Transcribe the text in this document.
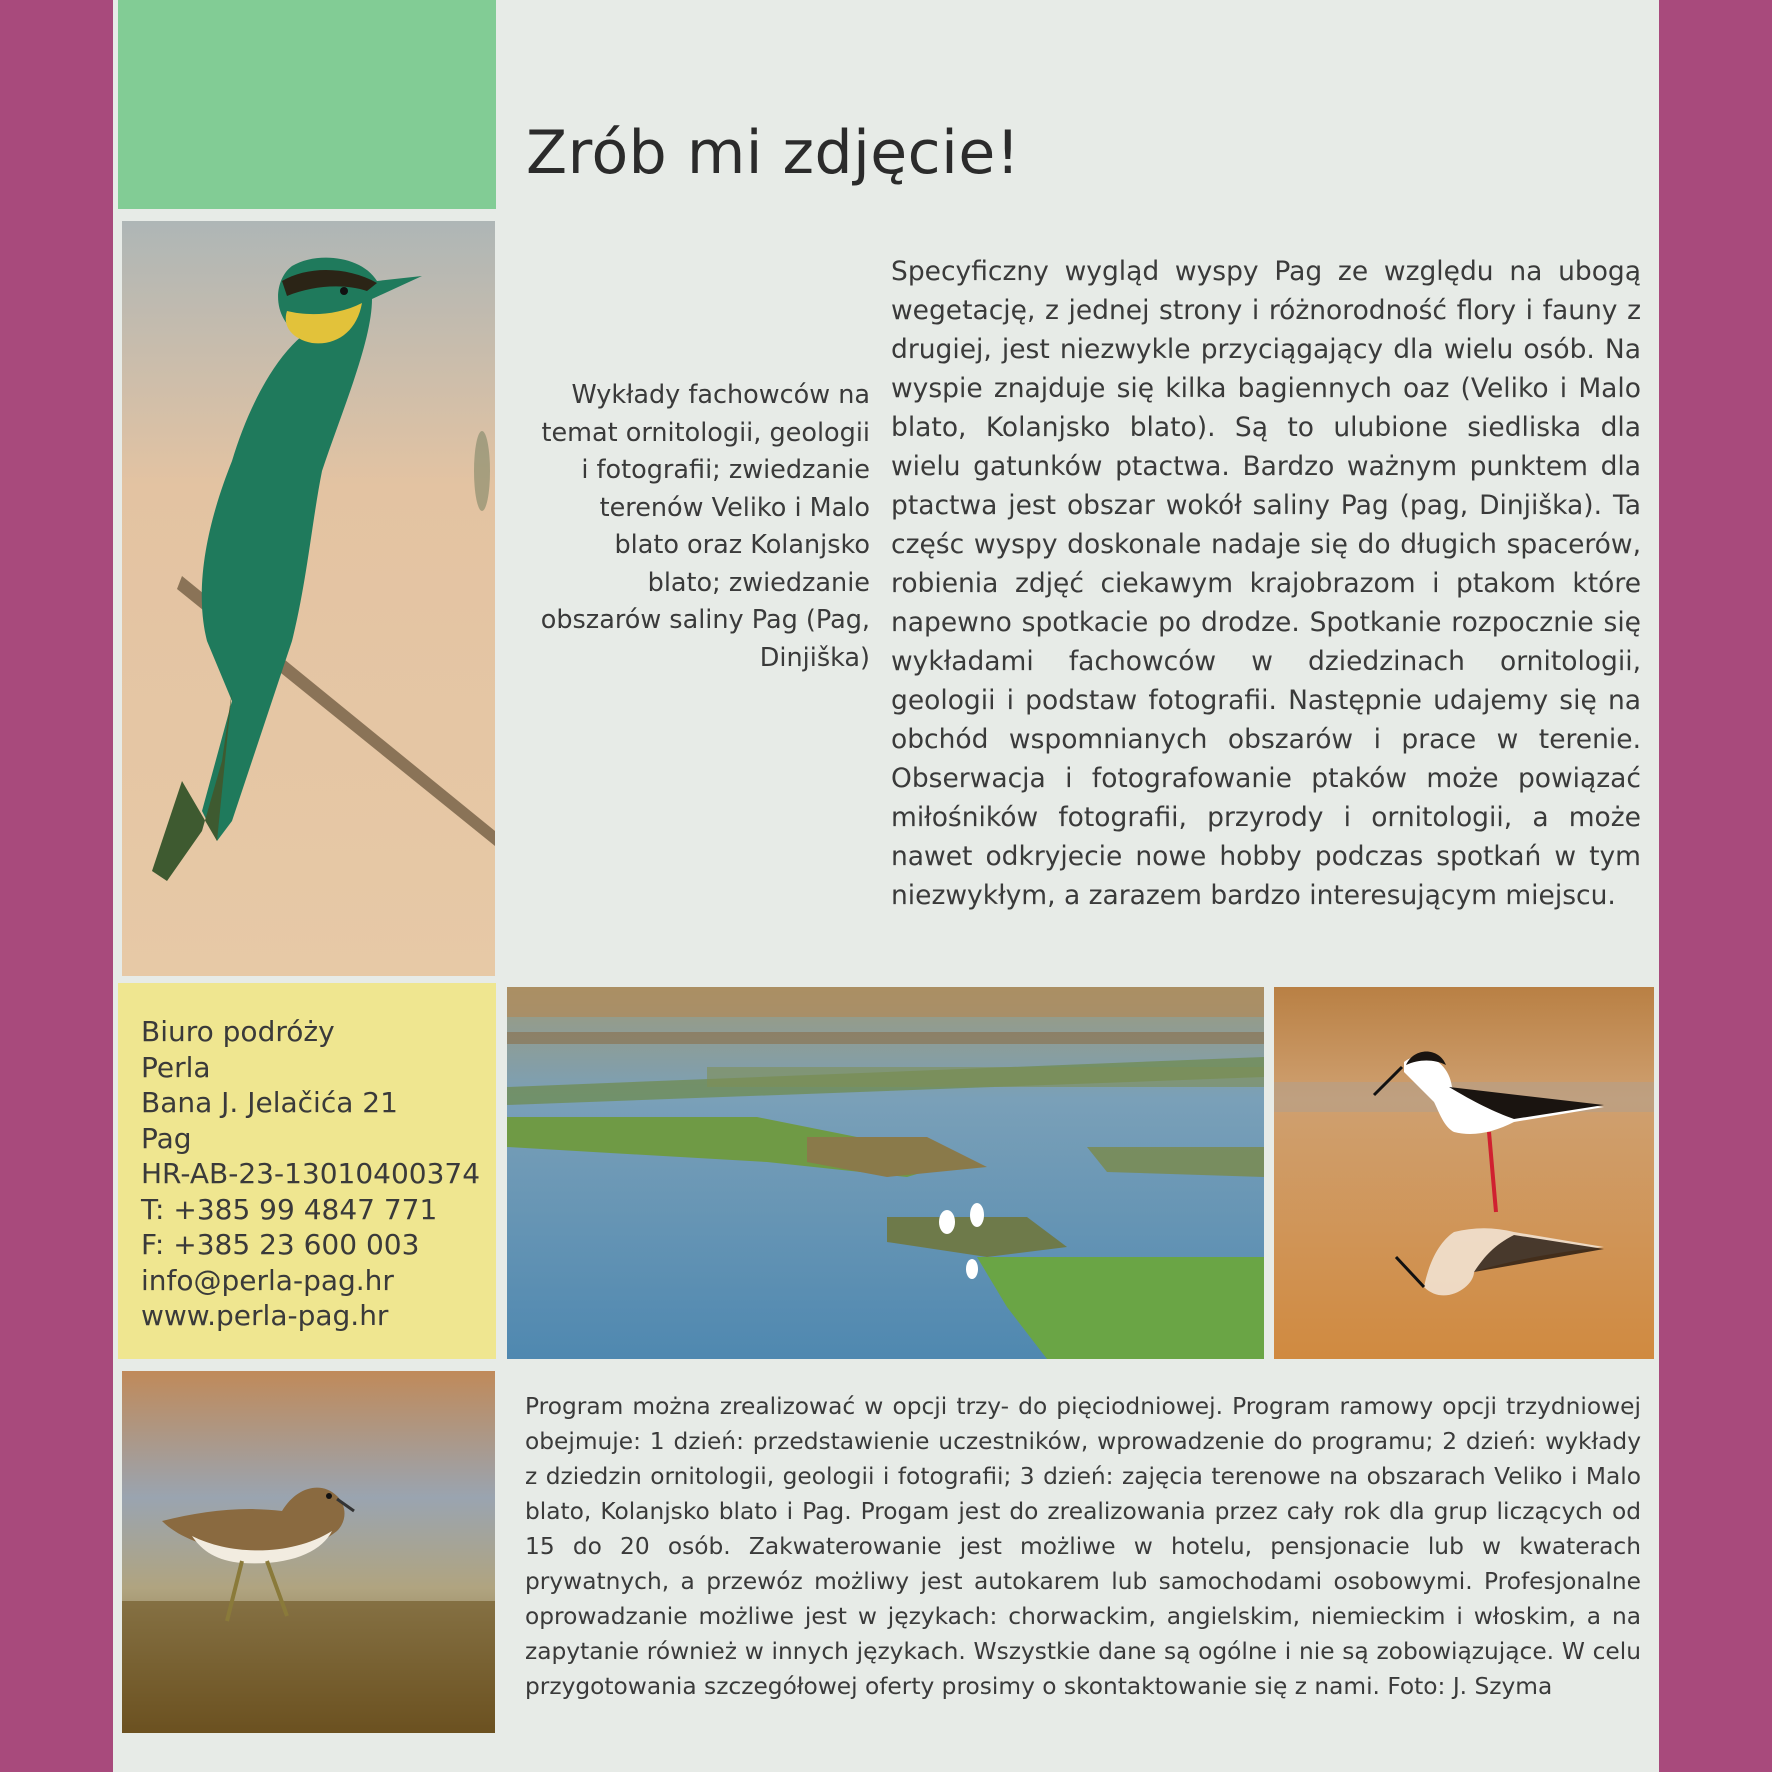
Zrób mi zdjęcie!

Wykłady fachowców na temat ornitologii, geologii i fotografii; zwiedzanie terenów Veliko i Malo blato oraz Kolanjsko blato; zwiedzanie obszarów saliny Pag (Pag, Dinjiška)

Specyficzny wygląd wyspy Pag ze względu na ubogą wegetację, z jednej strony i różnorodność flory i fauny z drugiej, jest niezwykle przyciągający dla wielu osób. Na wyspie znajduje się kilka bagiennych oaz (Veliko i Malo blato, Kolanjsko blato). Są to ulubione siedliska dla wielu gatunków ptactwa. Bardzo ważnym punktem dla ptactwa jest obszar wokół saliny Pag (pag, Dinjiška). Ta częśc wyspy doskonale nadaje się do długich spacerów, robienia zdjęć ciekawym krajobrazom i ptakom które napewno spotkacie po drodze. Spotkanie rozpocznie się wykładami fachowców w dziedzinach ornitologii, geologii i podstaw fotografii. Następnie udajemy się na obchód wspomnianych obszarów i prace w terenie. Obserwacja i fotografowanie ptaków może powiązać miłośników fotografii, przyrody i ornitologii, a może nawet odkryjecie nowe hobby podczas spotkań w tym niezwykłym, a zarazem bardzo interesującym miejscu.

Biuro podróży
Perla
Bana J. Jelačića 21
Pag
HR-AB-23-13010400374
T: +385 99 4847 771
F: +385 23 600 003
info@perla-pag.hr
www.perla-pag.hr

Program można zrealizować w opcji trzy- do pięciodniowej. Program ramowy opcji trzydniowej obejmuje: 1 dzień: przedstawienie uczestników, wprowadzenie do programu; 2 dzień: wykłady z dziedzin ornitologii, geologii i fotografii; 3 dzień: zajęcia terenowe na obszarach Veliko i Malo blato, Kolanjsko blato i Pag. Progam jest do zrealizowania przez cały rok dla grup liczących od 15 do 20 osób. Zakwaterowanie jest możliwe w hotelu, pensjonacie lub w kwaterach prywatnych, a przewóz możliwy jest autokarem lub samochodami osobowymi. Profesjonalne oprowadzanie możliwe jest w językach: chorwackim, angielskim, niemieckim i włoskim, a na zapytanie również w innych językach. Wszystkie dane są ogólne i nie są zobowiązujące. W celu przygotowania szczegółowej oferty prosimy o skontaktowanie się z nami. Foto: J. Szyma
